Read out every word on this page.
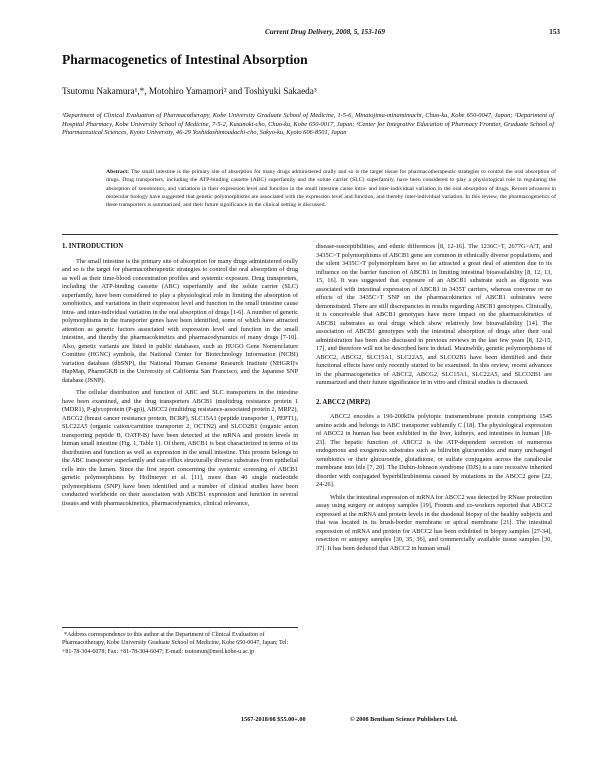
Current Drug Delivery, 2008, 5, 153-169	153
Pharmacogenetics of Intestinal Absorption
Tsutomu Nakamura¹,*, Motohiro Yamamori² and Toshiyuki Sakaeda³
¹Department of Clinical Evaluation of Pharmacotherapy, Kobe University Graduate School of Medicine, 1-5-6, Minatojima-minamimachi, Chuo-ku, Kobe 650-0047, Japan; ²Department of Hospital Pharmacy, Kobe University School of Medicine, 7-5-2, Kusunoki-cho, Chuo-ku, Kobe 650-0017, Japan; ³Center for Integrative Education of Pharmacy Frontier, Graduate School of Pharmaceutical Sciences, Kyoto University, 46-29 Yoshidashimoadachi-cho, Sakyo-ku, Kyoto 606-8501, Japan
Abstract: The small intestine is the primary site of absorption for many drugs administered orally and so is the target tissue for pharmacotherapeutic strategies to control the oral absorption of drugs. Drug transporters, including the ATP-binding cassette (ABC) superfamily and the solute carrier (SLC) superfamily, have been considered to play a physiological role in regulating the absorption of xenobiotics, and variations in their expression level and function in the small intestine cause intra- and inter-individual variation in the oral absorption of drugs. Recent advances in molecular biology have suggested that genetic polymorphisms are associated with the expression level and function, and thereby inter-individual variation. In this review, the pharmacogenetics of these transporters is summarized, and their future significance in the clinical setting is discussed.
1. INTRODUCTION

The small intestine is the primary site of absorption for many drugs administered orally and so is the target for pharmacotherapeutic strategies to control the oral absorption of drug as well as their time-blood concentration profiles and systemic exposure. Drug transporters, including the ATP-binding cassette (ABC) superfamily and the solute carrier (SLC) superfamily, have been considered to play a physiological role in limiting the absorption of xenobiotics, and variations in their expression level and function in the small intestine cause intra- and inter-individual variation in the oral absorption of drugs [1-6]. A number of genetic polymorphisms in the transporter genes have been identified, some of which have attracted attention as genetic factors associated with expression level and function in the small intestine, and thereby the pharmacokinetics and pharmacodynamics of many drugs [7-10]. Also, genetic variants are listed in public databases, such as HUGO Gene Nomenclature Comittee (HGNC) symbols, the National Center for Biotechnology Information (NCBI) variation database (dbSNP), the National Human Genome Research Institute (NHGRI)'s HapMap, PharmGKB in the University of California San Francisco, and the Japanese SNP database (JSNP).

The cellular distribution and function of ABC and SLC transporters in the intestine have been examined, and the drug transporters ABCB1 (multidrug resistance protein 1 (MDR1), P-glycoprotein (P-gp)), ABCC2 (multidrug resistance-associated protein 2, MRP2), ABCG2 (breast cancer resistance protein, BCRP), SLC15A1 (peptide transporter 1, PEPT1), SLC22A5 (organic cation/carnitine transporter 2, OCTN2) and SLCO2B1 (organic anion transporting peptide B, OATP-B) have been detected at the mRNA and protein levels in human small intestine (Fig. 1, Table 1). Of them, ABCB1 is best characterized in terms of its distribution and function as well as expression in the small intestine. This protein belongs to the ABC transporter superfamily and can efflux structurally diverse substrates from epithelial cells into the lumen. Since the first report concerning the systemic screening of ABCB1 genetic polymorphisms by Hoffmeyer et al. [11], more than 40 single nucleotide polymorphisms (SNP) have been identified and a number of clinical studies have been conducted worldwide on their association with ABCB1 expression and function in several tissues and with pharmacokinetics, pharmacodynamics, clinical relevance,

*Address correspondence to this author at the Department of Clinical Evaluation of Pharmacotherapy, Kobe University Graduate School of Medicine, Kobe 650-0047, Japan; Tel: +81-78-304-6078; Fax: +81-78-304-6047; E-mail: tsutomun@med.kobe-u.ac.jp

disease-susceptibilities, and ethnic differences [8, 12-16]. The 1236C>T, 2677G>A/T, and 3435C>T polymorphisms of ABCB1 gene are common in ethnically diverse populations, and the silent 3435C>T polymorphism have so far attracted a great deal of attention due to its influence on the barrier function of ABCB1 in limiting intestinal bioavailability [8, 12, 13, 15, 16]. It was suggested that exposure of an ABCB1 substrate such as digoxin was associated with intestinal expression of ABCB1 in 3435T carriers, whereas converse or no effects of the 3435C>T SNP on the pharmacokinetics of ABCB1 substrates were demonstrated. There are still discrepancies in results regarding ABCB1 genotypes. Clinically, it is conceivable that ABCB1 genotypes have more impact on the pharmacokinetics of ABCB1 substrates as oral drugs which show relatively low bioavailability [14]. The association of ABCB1 genotypes with the intestinal absorption of drugs after their oral administration has been also discussed in previous reviews in the last few years [8, 12-15, 17], and therefore will not be described here in detail. Meanwhile, genetic polymorphisms of ABCC2, ABCG2, SLC15A1, SLC22A5, and SLCO2B1 have been identified and their functional effects have only recently started to be examined. In this review, recent advances in the pharmacogenetics of ABCC2, ABCG2, SLC15A1, SLC22A5, and SLCO2B1 are summarized and their future significance in in vitro and clinical studies is discussed.

2. ABCC2 (MRP2)

ABCC2 encodes a 190-200kDa polytopic transmembrane protein comprising 1545 amino acids and belongs to ABC transporter subfamily C [18]. The physiological expression of ABCC2 in human has been exhibited in the liver, kidneys, and intestines in human [18-23]. The hepatic function of ABCC2 is the ATP-dependent secretion of numerous endogenous and exogenous substrates such as bilirubin glucuronides and many unchanged xenobiotics or their glucuronide, glutathione, or sulfate conjugates across the canalicular membrane into bile [7, 20]. The Dubin-Johnson syndrome (DJS) is a rare recessive inherited disorder with conjugated hyperbilirubinemia caused by mutations in the ABCC2 gene [22, 24-26].

While the intestinal expression of mRNA for ABCC2 was detected by RNase protection assay using surgery or autopsy samples [19], Fromm and co-workers reported that ABCC2 expressed at the mRNA and protein levels in the duodenal biopsy of the healthy subjects and that was located in its brush-border membrane or apical membrane [21]. The intestinal expression of mRNA and protein for ABCC2 has been exhibited in biopsy samples [27-34], resection or autopsy samples [30, 35, 36], and commercially available tissue samples [30, 37]. It has been deduced that ABCC2 in human small

1567-2018/08 $55.00+.00	© 2008 Bentham Science Publishers Ltd.
